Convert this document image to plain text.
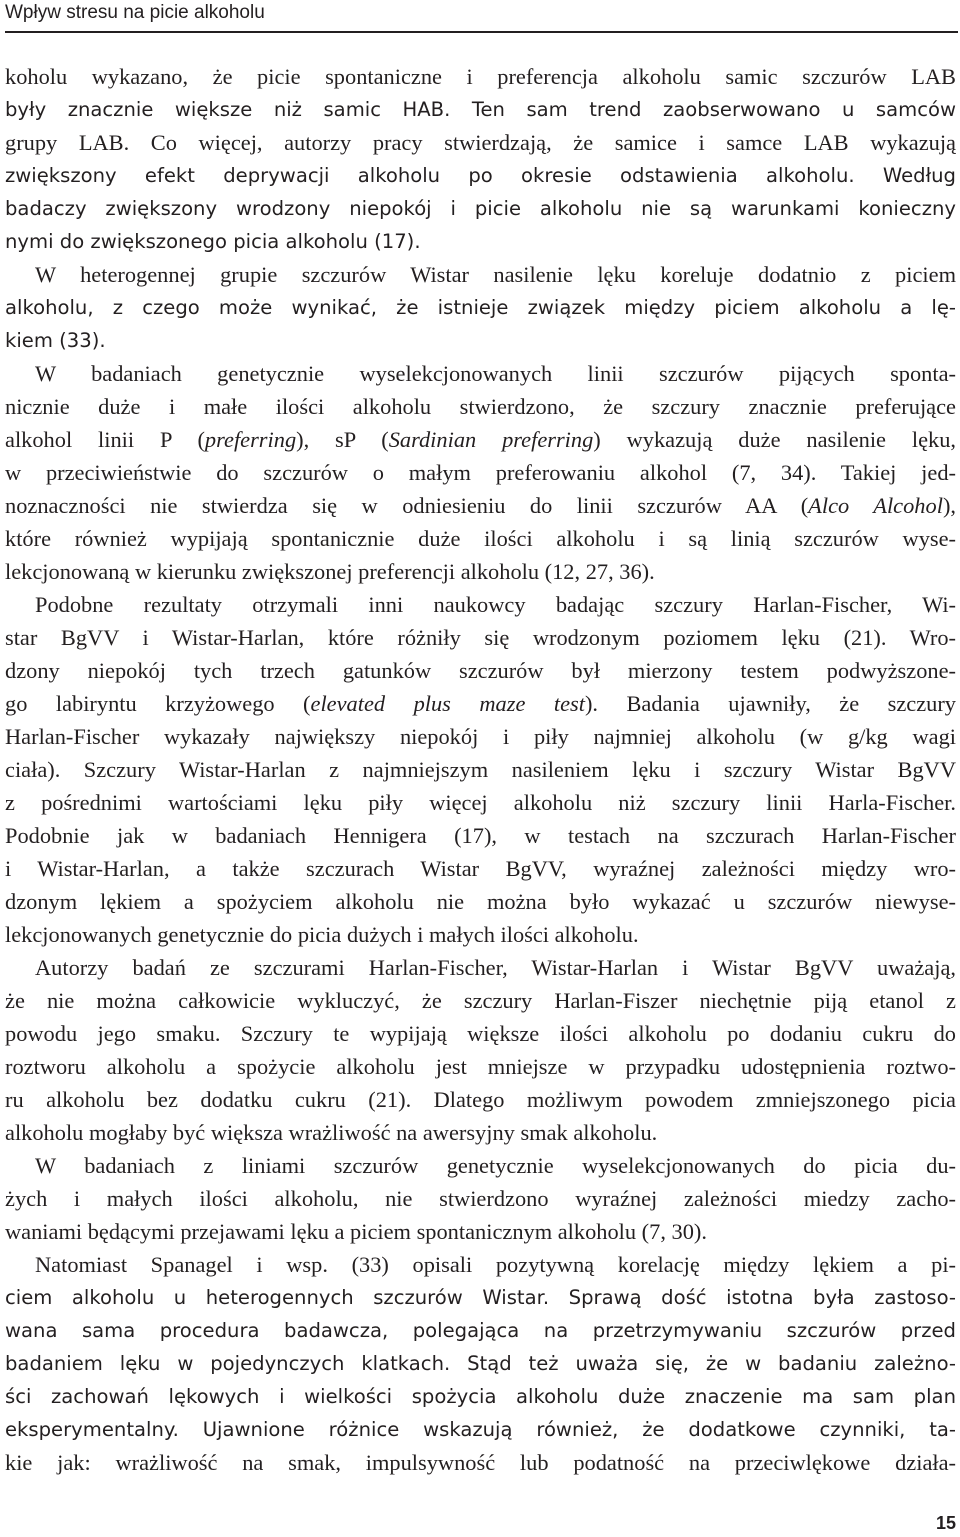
Wpływ stresu na picie alkoholu
koholu wykazano, że picie spontaniczne i preferencja alkoholu samic szczurów LAB
były znacznie większe niż samic HAB. Ten sam trend zaobserwowano u samców
grupy LAB. Co więcej, autorzy pracy stwierdzają, że samice i samce LAB wykazują
zwiększony efekt deprywacji alkoholu po okresie odstawienia alkoholu. Według
badaczy zwiększony wrodzony niepokój i picie alkoholu nie są warunkami konieczny
nymi do zwiększonego picia alkoholu (17).
W heterogennej grupie szczurów Wistar nasilenie lęku koreluje dodatnio z piciem
alkoholu, z czego może wynikać, że istnieje związek między piciem alkoholu a lę-
kiem (33).
W badaniach genetycznie wyselekcjonowanych linii szczurów pijących sponta-
nicznie duże i małe ilości alkoholu stwierdzono, że szczury znacznie preferujące
alkohol linii P (preferring), sP (Sardinian preferring) wykazują duże nasilenie lęku,
w przeciwieństwie do szczurów o małym preferowaniu alkohol (7, 34). Takiej jed-
noznaczności nie stwierdza się w odniesieniu do linii szczurów AA (Alco Alcohol),
które również wypijają spontanicznie duże ilości alkoholu i są linią szczurów wyse-
lekcjonowaną w kierunku zwiększonej preferencji alkoholu (12, 27, 36).
Podobne rezultaty otrzymali inni naukowcy badając szczury Harlan-Fischer, Wi-
star BgVV i Wistar-Harlan, które różniły się wrodzonym poziomem lęku (21). Wro-
dzony niepokój tych trzech gatunków szczurów był mierzony testem podwyższone-
go labiryntu krzyżowego (elevated plus maze test). Badania ujawniły, że szczury
Harlan-Fischer wykazały największy niepokój i piły najmniej alkoholu (w g/kg wagi
ciała). Szczury Wistar-Harlan z najmniejszym nasileniem lęku i szczury Wistar BgVV
z pośrednimi wartościami lęku piły więcej alkoholu niż szczury linii Harla-Fischer.
Podobnie jak w badaniach Hennigera (17), w testach na szczurach Harlan-Fischer
i Wistar-Harlan, a także szczurach Wistar BgVV, wyraźnej zależności między wro-
dzonym lękiem a spożyciem alkoholu nie można było wykazać u szczurów niewyse-
lekcjonowanych genetycznie do picia dużych i małych ilości alkoholu.
Autorzy badań ze szczurami Harlan-Fischer, Wistar-Harlan i Wistar BgVV uważają,
że nie można całkowicie wykluczyć, że szczury Harlan-Fiszer niechętnie piją etanol z
powodu jego smaku. Szczury te wypijają większe ilości alkoholu po dodaniu cukru do
roztworu alkoholu a spożycie alkoholu jest mniejsze w przypadku udostępnienia roztwo-
ru alkoholu bez dodatku cukru (21). Dlatego możliwym powodem zmniejszonego picia
alkoholu mogłaby być większa wrażliwość na awersyjny smak alkoholu.
W badaniach z liniami szczurów genetycznie wyselekcjonowanych do picia du-
żych i małych ilości alkoholu, nie stwierdzono wyraźnej zależności miedzy zacho-
waniami będącymi przejawami lęku a piciem spontanicznym alkoholu (7, 30).
Natomiast Spanagel i wsp. (33) opisali pozytywną korelację między lękiem a pi-
ciem alkoholu u heterogennych szczurów Wistar. Sprawą dość istotna była zastoso-
wana sama procedura badawcza, polegająca na przetrzymywaniu szczurów przed
badaniem lęku w pojedynczych klatkach. Stąd też uważa się, że w badaniu zależno-
ści zachowań lękowych i wielkości spożycia alkoholu duże znaczenie ma sam plan
eksperymentalny. Ujawnione różnice wskazują również, że dodatkowe czynniki, ta-
kie jak: wrażliwość na smak, impulsywność lub podatność na przeciwlękowe działa-
15
